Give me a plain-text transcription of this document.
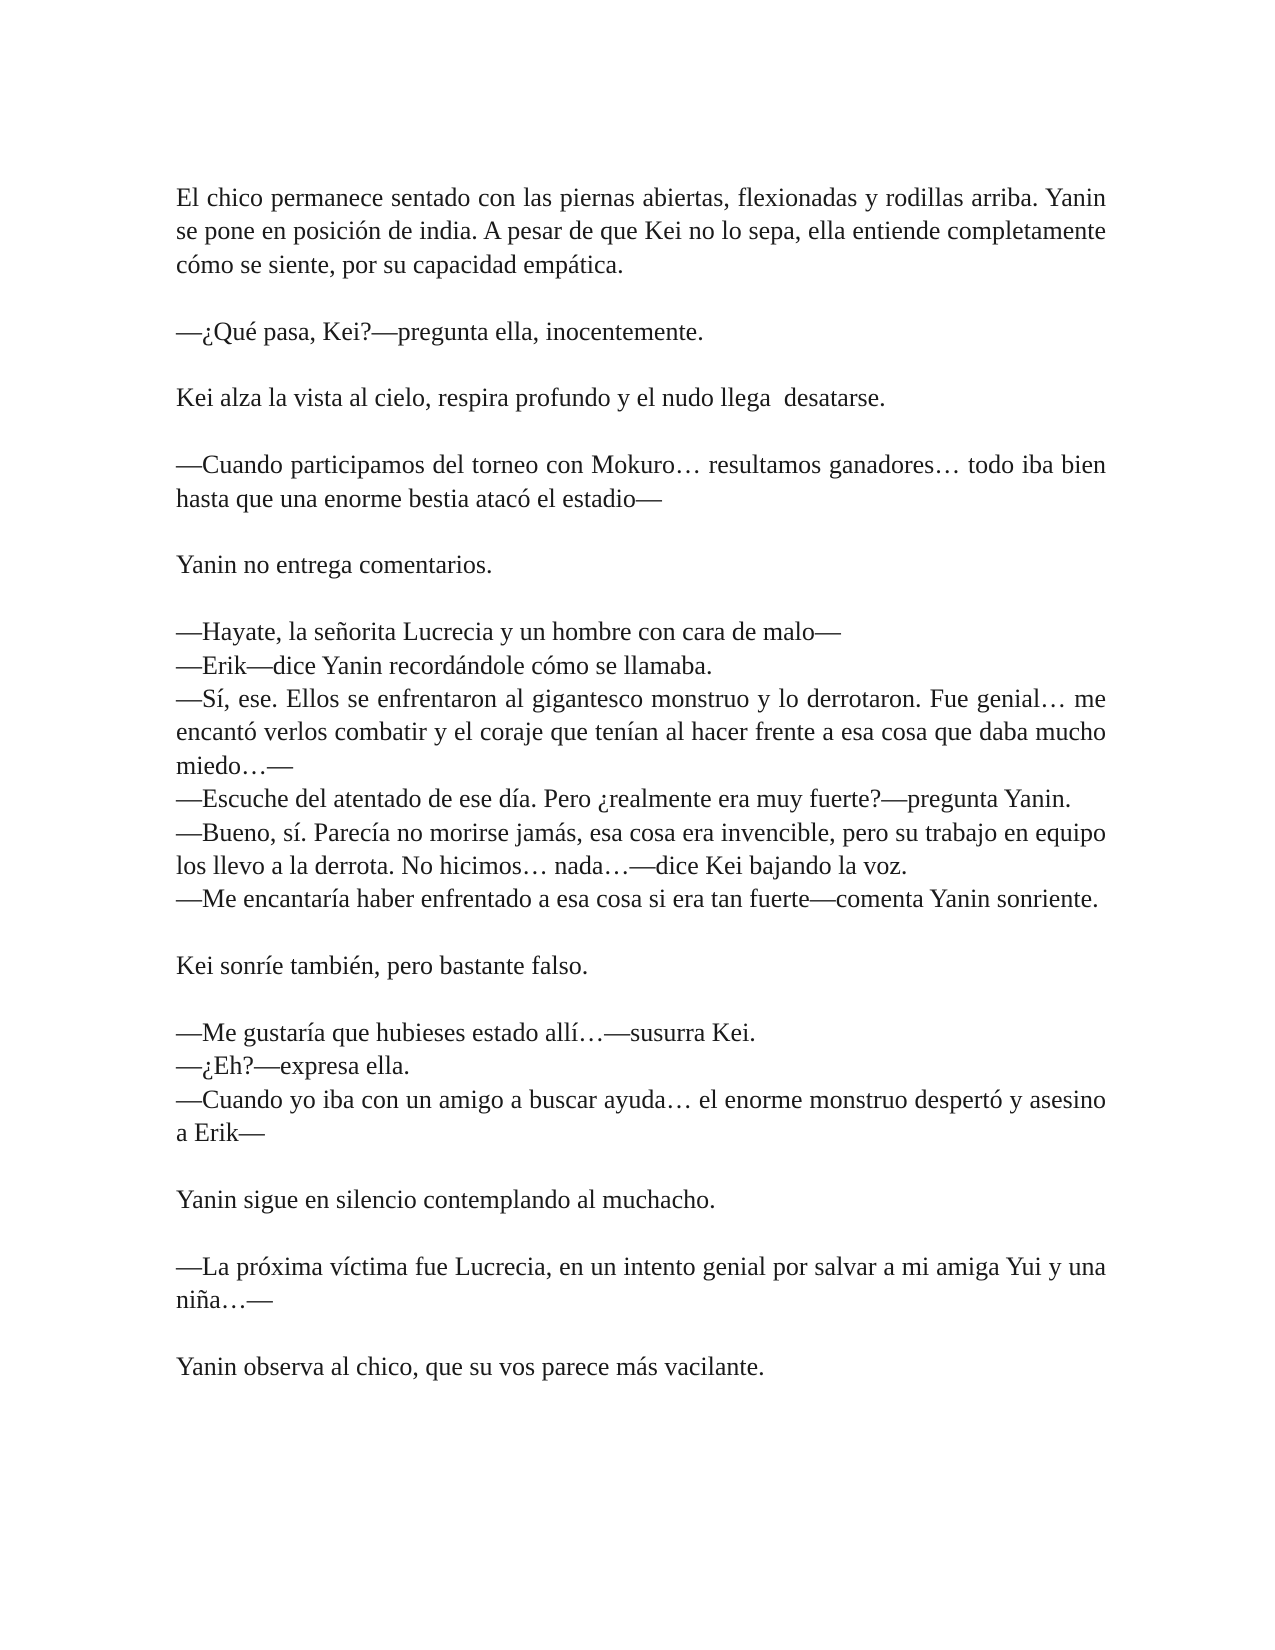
El chico permanece sentado con las piernas abiertas, flexionadas y rodillas arriba. Yanin se pone en posición de india. A pesar de que Kei no lo sepa, ella entiende completamente cómo se siente, por su capacidad empática.

—¿Qué pasa, Kei?—pregunta ella, inocentemente.

Kei alza la vista al cielo, respira profundo y el nudo llega  desatarse.

—Cuando participamos del torneo con Mokuro… resultamos ganadores… todo iba bien hasta que una enorme bestia atacó el estadio—

Yanin no entrega comentarios.

—Hayate, la señorita Lucrecia y un hombre con cara de malo—

—Erik—dice Yanin recordándole cómo se llamaba.

—Sí, ese. Ellos se enfrentaron al gigantesco monstruo y lo derrotaron. Fue genial… me encantó verlos combatir y el coraje que tenían al hacer frente a esa cosa que daba mucho miedo…—

—Escuche del atentado de ese día. Pero ¿realmente era muy fuerte?—pregunta Yanin.

—Bueno, sí. Parecía no morirse jamás, esa cosa era invencible, pero su trabajo en equipo los llevo a la derrota. No hicimos… nada…—dice Kei bajando la voz.

—Me encantaría haber enfrentado a esa cosa si era tan fuerte—comenta Yanin sonriente.

Kei sonríe también, pero bastante falso.

—Me gustaría que hubieses estado allí…—susurra Kei.

—¿Eh?—expresa ella.

—Cuando yo iba con un amigo a buscar ayuda… el enorme monstruo despertó y asesino a Erik—

Yanin sigue en silencio contemplando al muchacho.

—La próxima víctima fue Lucrecia, en un intento genial por salvar a mi amiga Yui y una niña…—

Yanin observa al chico, que su vos parece más vacilante.
